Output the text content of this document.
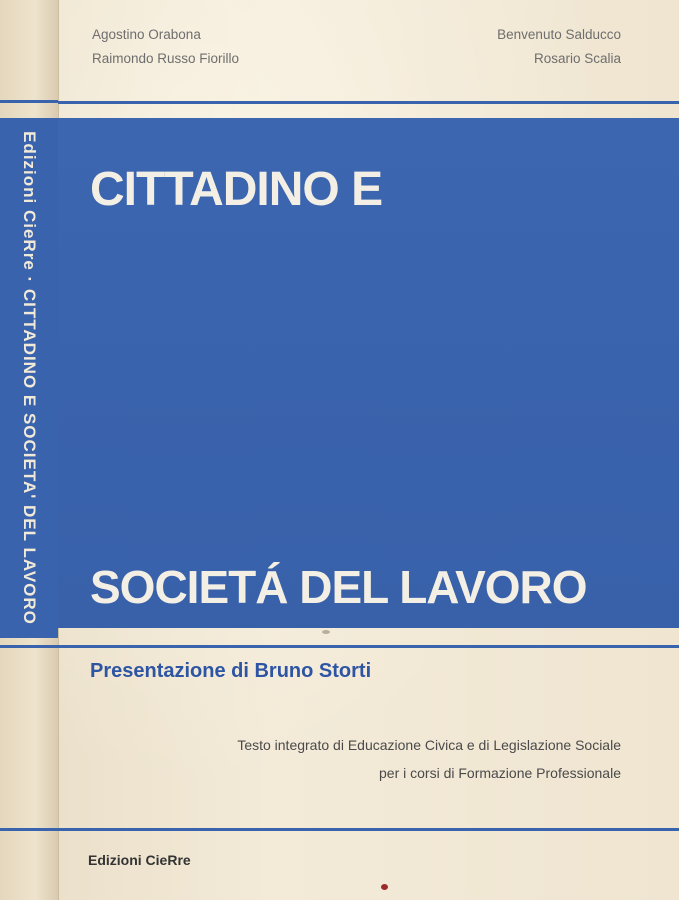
Edizioni CieRre · CITTADINO E SOCIETA' DEL LAVORO
Agostino Orabona
Raimondo Russo Fiorillo
Benvenuto Salducco
Rosario Scalia
CITTADINO E
SOCIETÁ DEL LAVORO
Presentazione di Bruno Storti
Testo integrato di Educazione Civica e di Legislazione Sociale
per i corsi di Formazione Professionale
Edizioni CieRre
